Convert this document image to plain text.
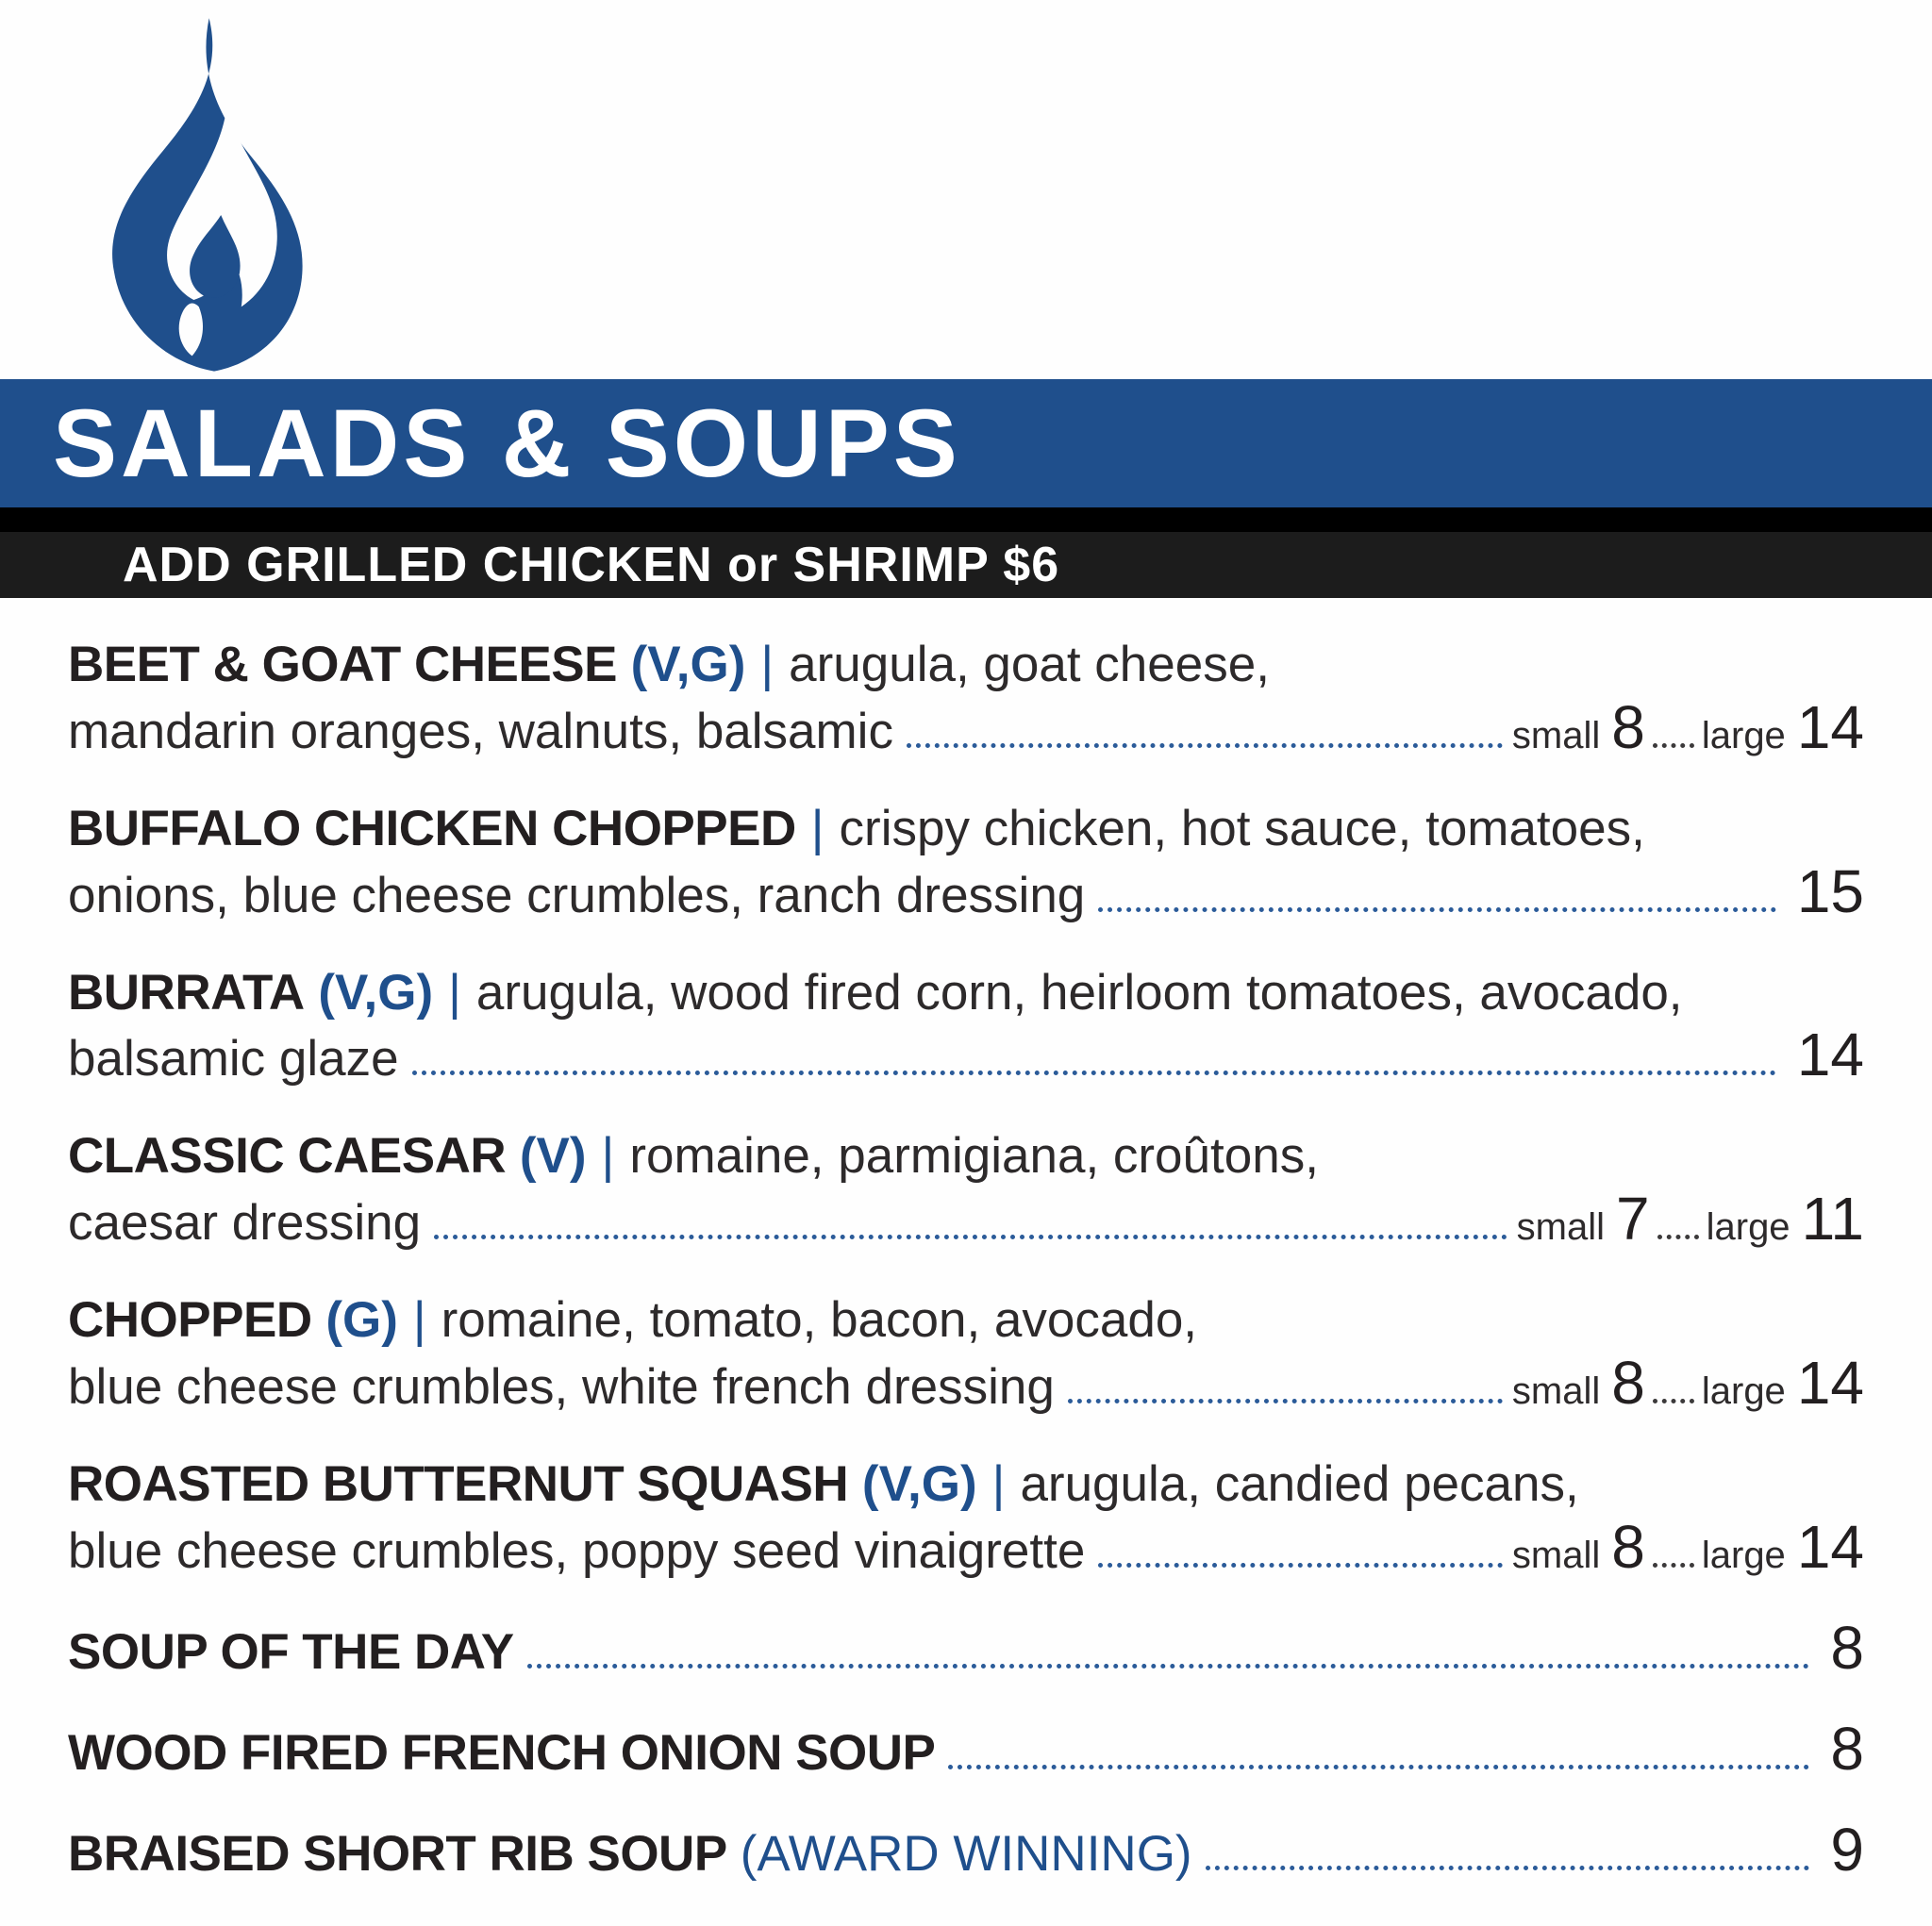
SALADS & SOUPS
ADD GRILLED CHICKEN or SHRIMP $6
BEET & GOAT CHEESE (V,G) | arugula, goat cheese,
mandarin oranges, walnuts, balsamic	small 8 large 14
BUFFALO CHICKEN CHOPPED | crispy chicken, hot sauce, tomatoes,
onions, blue cheese crumbles, ranch dressing	15
BURRATA (V,G) | arugula, wood fired corn, heirloom tomatoes, avocado,
balsamic glaze	14
CLASSIC CAESAR (V) | romaine, parmigiana, croûtons,
caesar dressing	small 7 large 11
CHOPPED (G) | romaine, tomato, bacon, avocado,
blue cheese crumbles, white french dressing	small 8 large 14
ROASTED BUTTERNUT SQUASH (V,G) | arugula, candied pecans,
blue cheese crumbles, poppy seed vinaigrette	small 8 large 14
SOUP OF THE DAY	8
WOOD FIRED FRENCH ONION SOUP	8
BRAISED SHORT RIB SOUP (AWARD WINNING)	9
